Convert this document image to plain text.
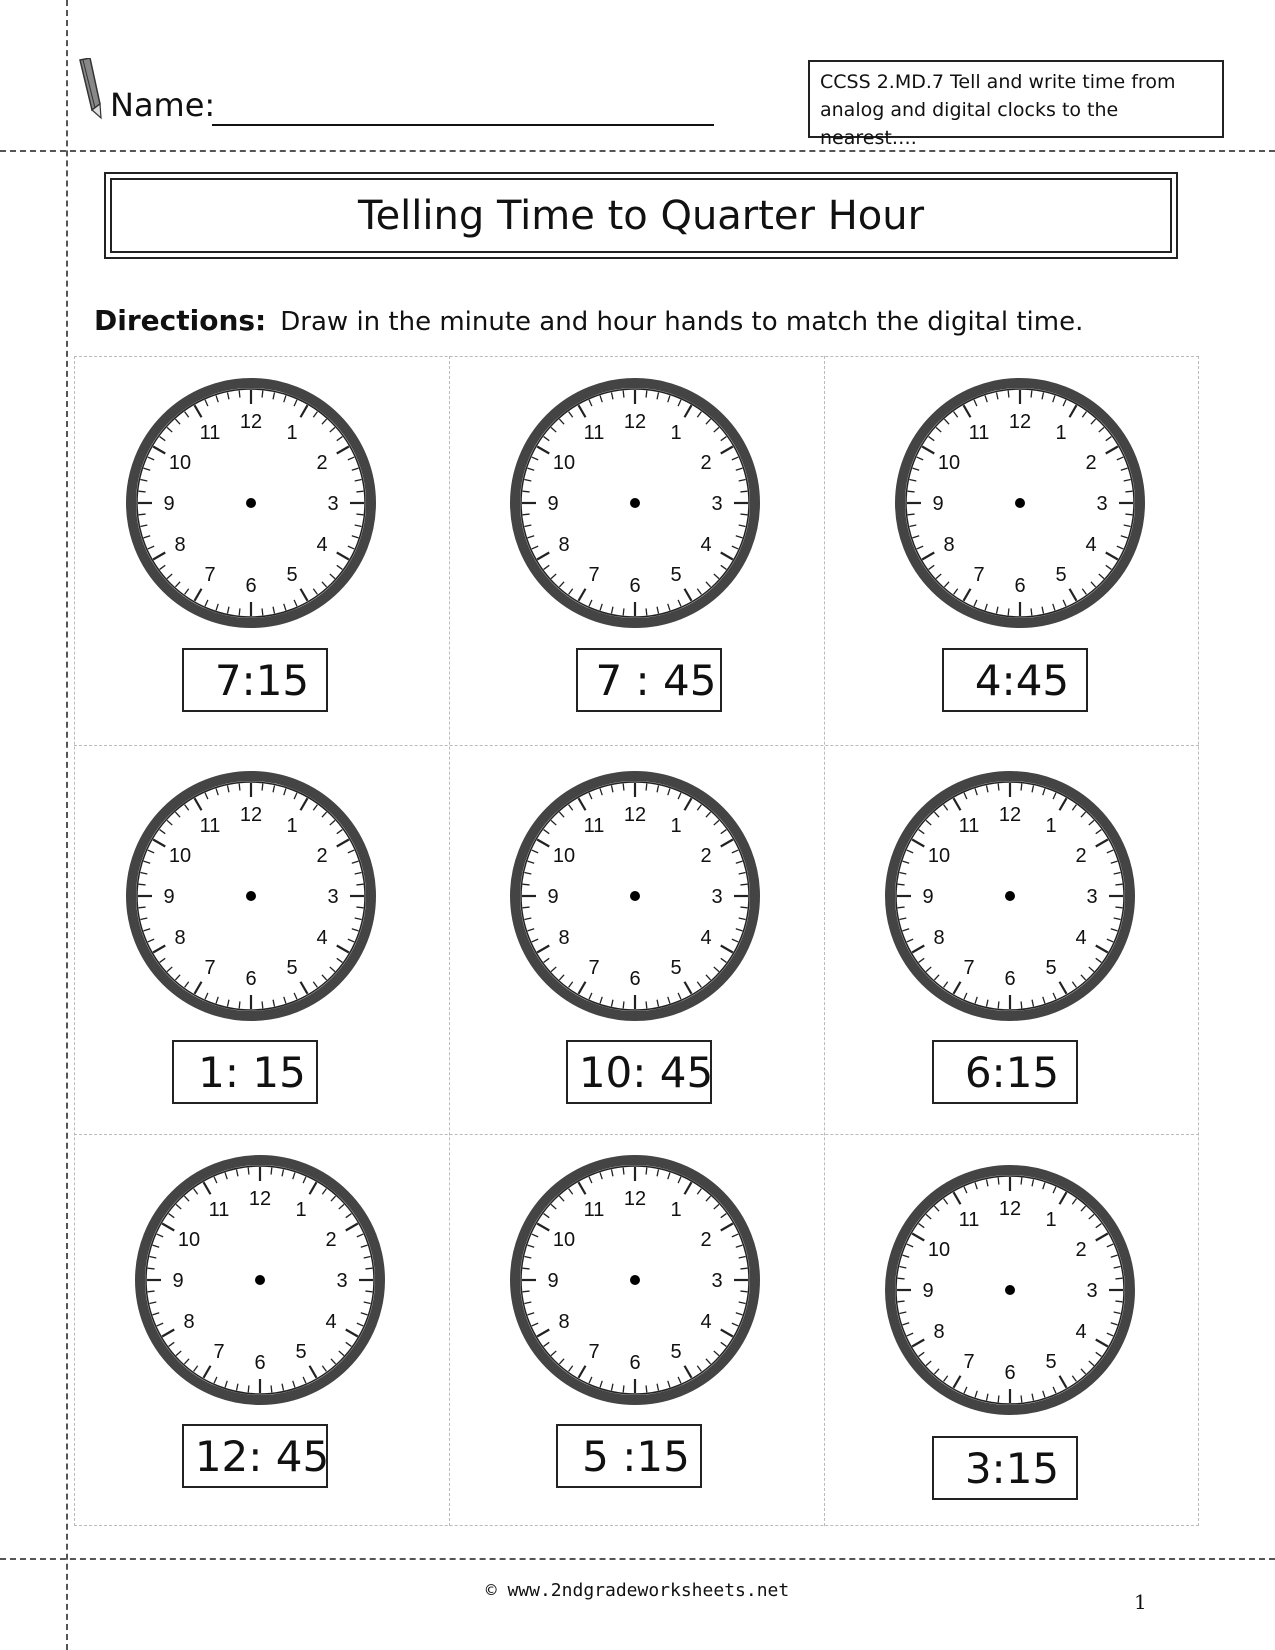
Name:
CCSS 2.MD.7 Tell and write time from analog and digital clocks to the nearest….
Telling Time to Quarter Hour
Directions: Draw in the minute and hour hands to match the digital time.
12 1
2
3
4
5
6
7
8
9
10
11
7:15
12 1
2
3
4
5
6
7
8
9
10
11
7 : 45
12 1
2
3
4
5
6
7
8
9
10
11
4:45
12 1
2
3
4
5
6
7
8
9
10
11
1: 15
12 1
2
3
4
5
6
7
8
9
10
11
10: 45
12 1
2
3
4
5
6
7
8
9
10
11
6:15
12 1
2
3
4
5
6
7
8
9
10
11
12: 45
12 1
2
3
4
5
6
7
8
9
10
11
5 :15
12 1
2
3
4
5
6
7
8
9
10
11
3:15
© www.2ndgradeworksheets.net	1
